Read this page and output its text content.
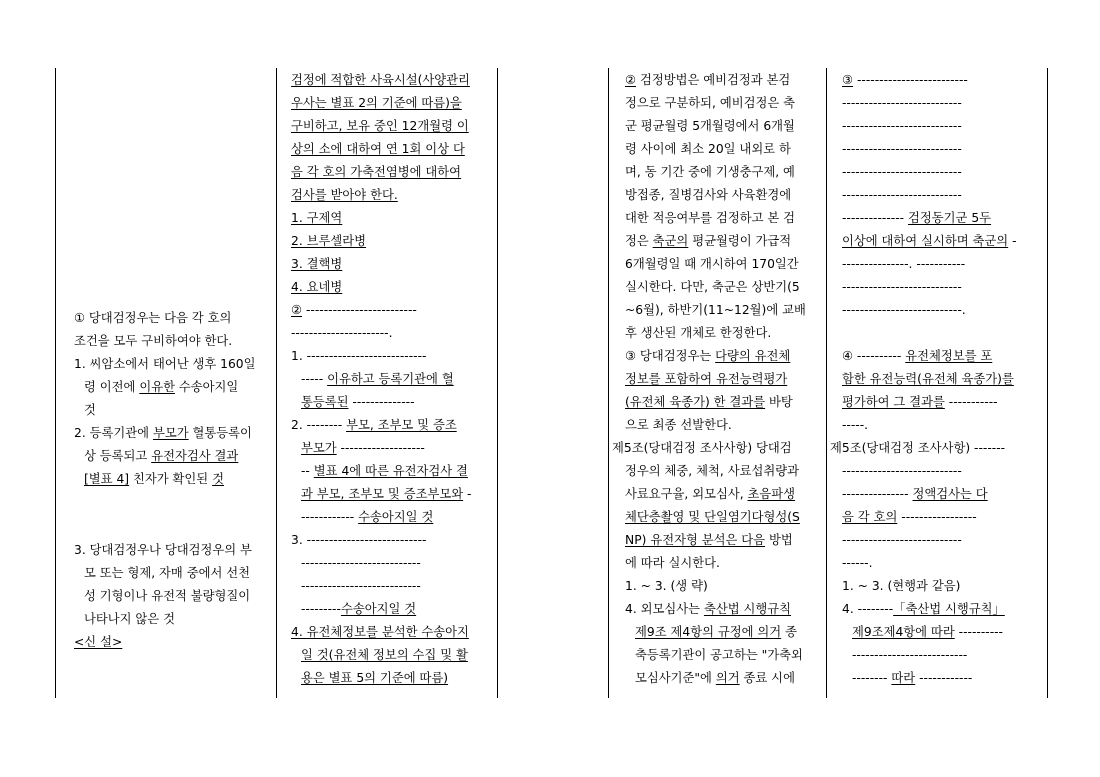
① 당대검정우는 다음 각 호의
조건을 모두 구비하여야 한다.
1. 씨암소에서 태어난 생후 160일
령 이전에 이유한 수송아지일
것
2. 등록기관에 부모가 혈통등록이
상 등록되고 유전자검사 결과
[별표 4] 친자가 확인된 것
3. 당대검정우나 당대검정우의 부
모 또는 형제, 자매 중에서 선천
성 기형이나 유전적 불량형질이
나타나지 않은 것
<신 설>
검정에 적합한 사육시설(사양관리
우사는 별표 2의 기준에 따름)을
구비하고, 보유 중인 12개월령 이
상의 소에 대하여 연 1회 이상 다
음 각 호의 가축전염병에 대하여
검사를 받아야 한다.
1. 구제역
2. 브루셀라병
3. 결핵병
4. 요네병
② -------------------------
----------------------.
1. ---------------------------
----- 이유하고 등록기관에 혈
통등록된 --------------
2. -------- 부모, 조부모 및 증조
부모가 -------------------
-- 별표 4에 따른 유전자검사 결
과 부모, 조부모 및 증조부모와 -
------------ 수송아지일 것
3. ---------------------------
---------------------------
---------------------------
---------수송아지일 것
4. 유전체정보를 분석한 수송아지
일 것(유전체 정보의 수집 및 활
용은 별표 5의 기준에 따름)
② 검정방법은 예비검정과 본검
정으로 구분하되, 예비검정은 축
군 평균월령 5개월령에서 6개월
령 사이에 최소 20일 내외로 하
며, 동 기간 중에 기생충구제, 예
방접종, 질병검사와 사육환경에
대한 적응여부를 검정하고 본 검
정은 축군의 평균월령이 가급적
6개월령일 때 개시하여 170일간
실시한다. 다만, 축군은 상반기(5
~6월), 하반기(11~12월)에 교배
후 생산된 개체로 한정한다.
③ 당대검정우는 다량의 유전체
정보를 포함하여 유전능력평가
(유전체 육종가) 한 결과를 바탕
으로 최종 선발한다.
제5조(당대검정 조사사항) 당대검
정우의 체중, 체척, 사료섭취량과
사료요구율, 외모심사, 초음파생
체단층촬영 및 단일염기다형성(S
NP) 유전자형 분석은 다음 방법
에 따라 실시한다.
1. ~ 3. (생 략)
4. 외모심사는 축산법 시행규칙
제9조 제4항의 규정에 의거 종
축등록기관이 공고하는 "가축외
모심사기준"에 의거 종료 시에
③ -------------------------
---------------------------
---------------------------
---------------------------
---------------------------
---------------------------
-------------- 검정동기군 5두
이상에 대하여 실시하며 축군의 -
---------------. -----------
---------------------------
---------------------------.
④ ---------- 유전체정보를 포
함한 유전능력(유전체 육종가)를
평가하여 그 결과를 -----------
-----.
제5조(당대검정 조사사항) -------
---------------------------
--------------- 정액검사는 다
음 각 호의 -----------------
---------------------------
------.
1. ~ 3. (현행과 같음)
4. --------「축산법 시행규칙」
제9조제4항에 따라 ----------
--------------------------
-------- 따라 ------------
